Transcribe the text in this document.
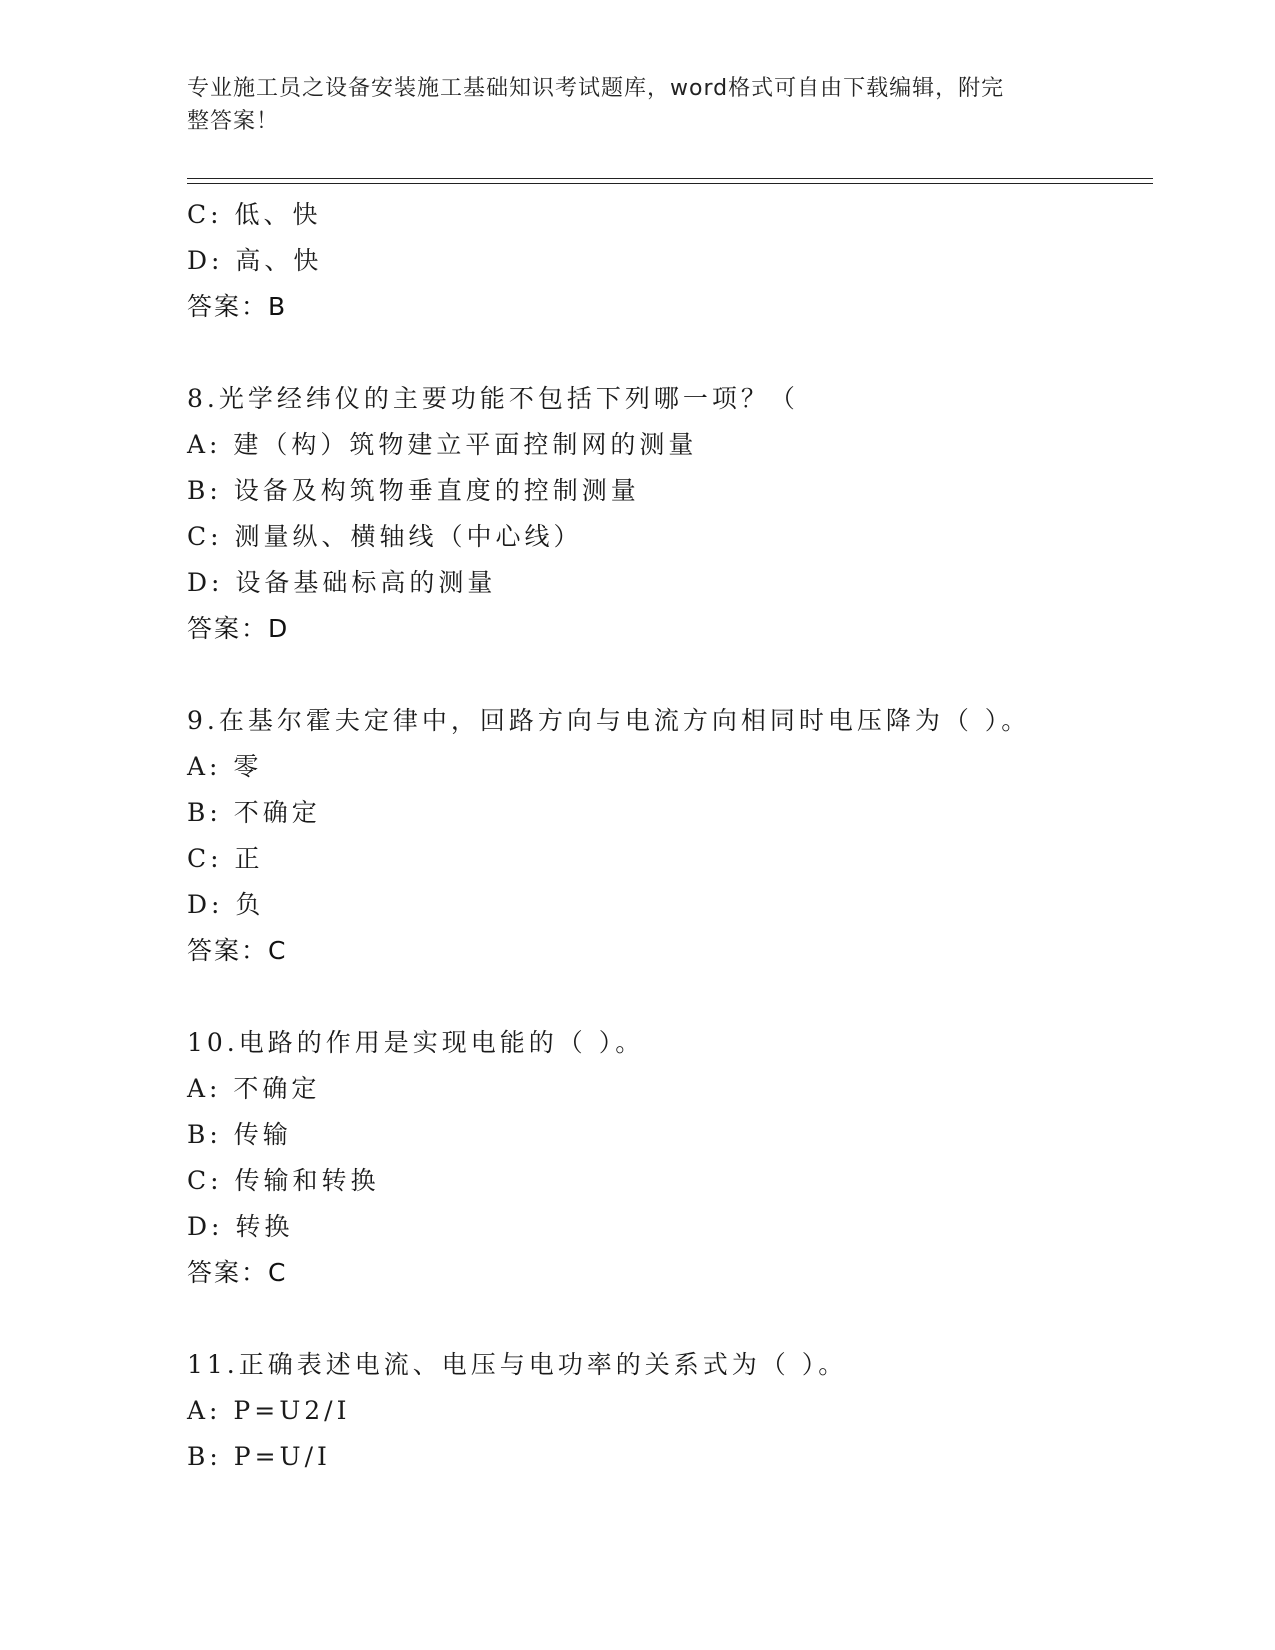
专业施工员之设备安装施工基础知识考试题库，word格式可自由下载编辑，附完
整答案！
C: 低、快
D: 高、快
答案：B
8.光学经纬仪的主要功能不包括下列哪一项？（
A: 建（构）筑物建立平面控制网的测量
B: 设备及构筑物垂直度的控制测量
C: 测量纵、横轴线（中心线）
D: 设备基础标高的测量
答案：D
9.在基尔霍夫定律中，回路方向与电流方向相同时电压降为（ ）。
A: 零
B: 不确定
C: 正
D: 负
答案：C
10.电路的作用是实现电能的（ ）。
A: 不确定
B: 传输
C: 传输和转换
D: 转换
答案：C
11.正确表述电流、电压与电功率的关系式为（ ）。
A: P=U2/I
B: P=U/I
